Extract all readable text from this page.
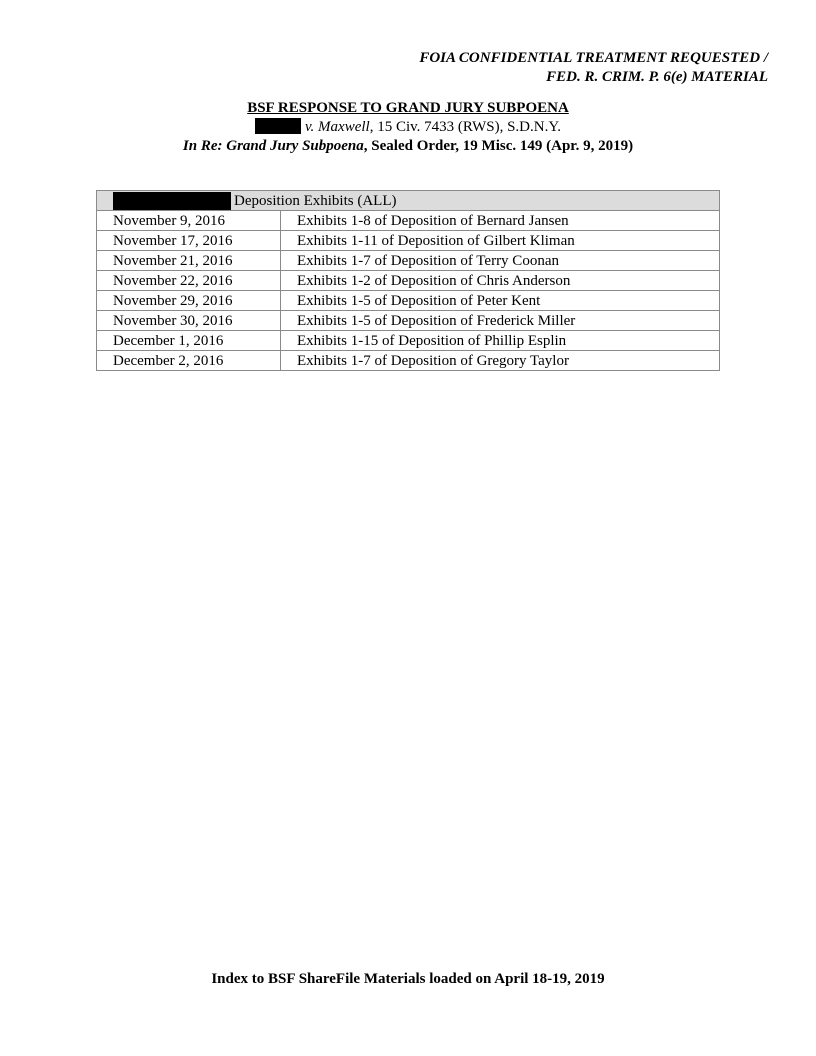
FOIA CONFIDENTIAL TREATMENT REQUESTED /
FED. R. CRIM. P. 6(e) MATERIAL
BSF RESPONSE TO GRAND JURY SUBPOENA
v. Maxwell, 15 Civ. 7433 (RWS), S.D.N.Y.
In Re: Grand Jury Subpoena, Sealed Order, 19 Misc. 149 (Apr. 9, 2019)
Deposition Exhibits (ALL)	
November 9, 2016	Exhibits 1-8 of Deposition of Bernard Jansen
November 17, 2016	Exhibits 1-11 of Deposition of Gilbert Kliman
November 21, 2016	Exhibits 1-7 of Deposition of Terry Coonan
November 22, 2016	Exhibits 1-2 of Deposition of Chris Anderson
November 29, 2016	Exhibits 1-5 of Deposition of Peter Kent
November 30, 2016	Exhibits 1-5 of Deposition of Frederick Miller
December 1, 2016	Exhibits 1-15 of Deposition of Phillip Esplin
December 2, 2016	Exhibits 1-7 of Deposition of Gregory Taylor
Index to BSF ShareFile Materials loaded on April 18-19, 2019
